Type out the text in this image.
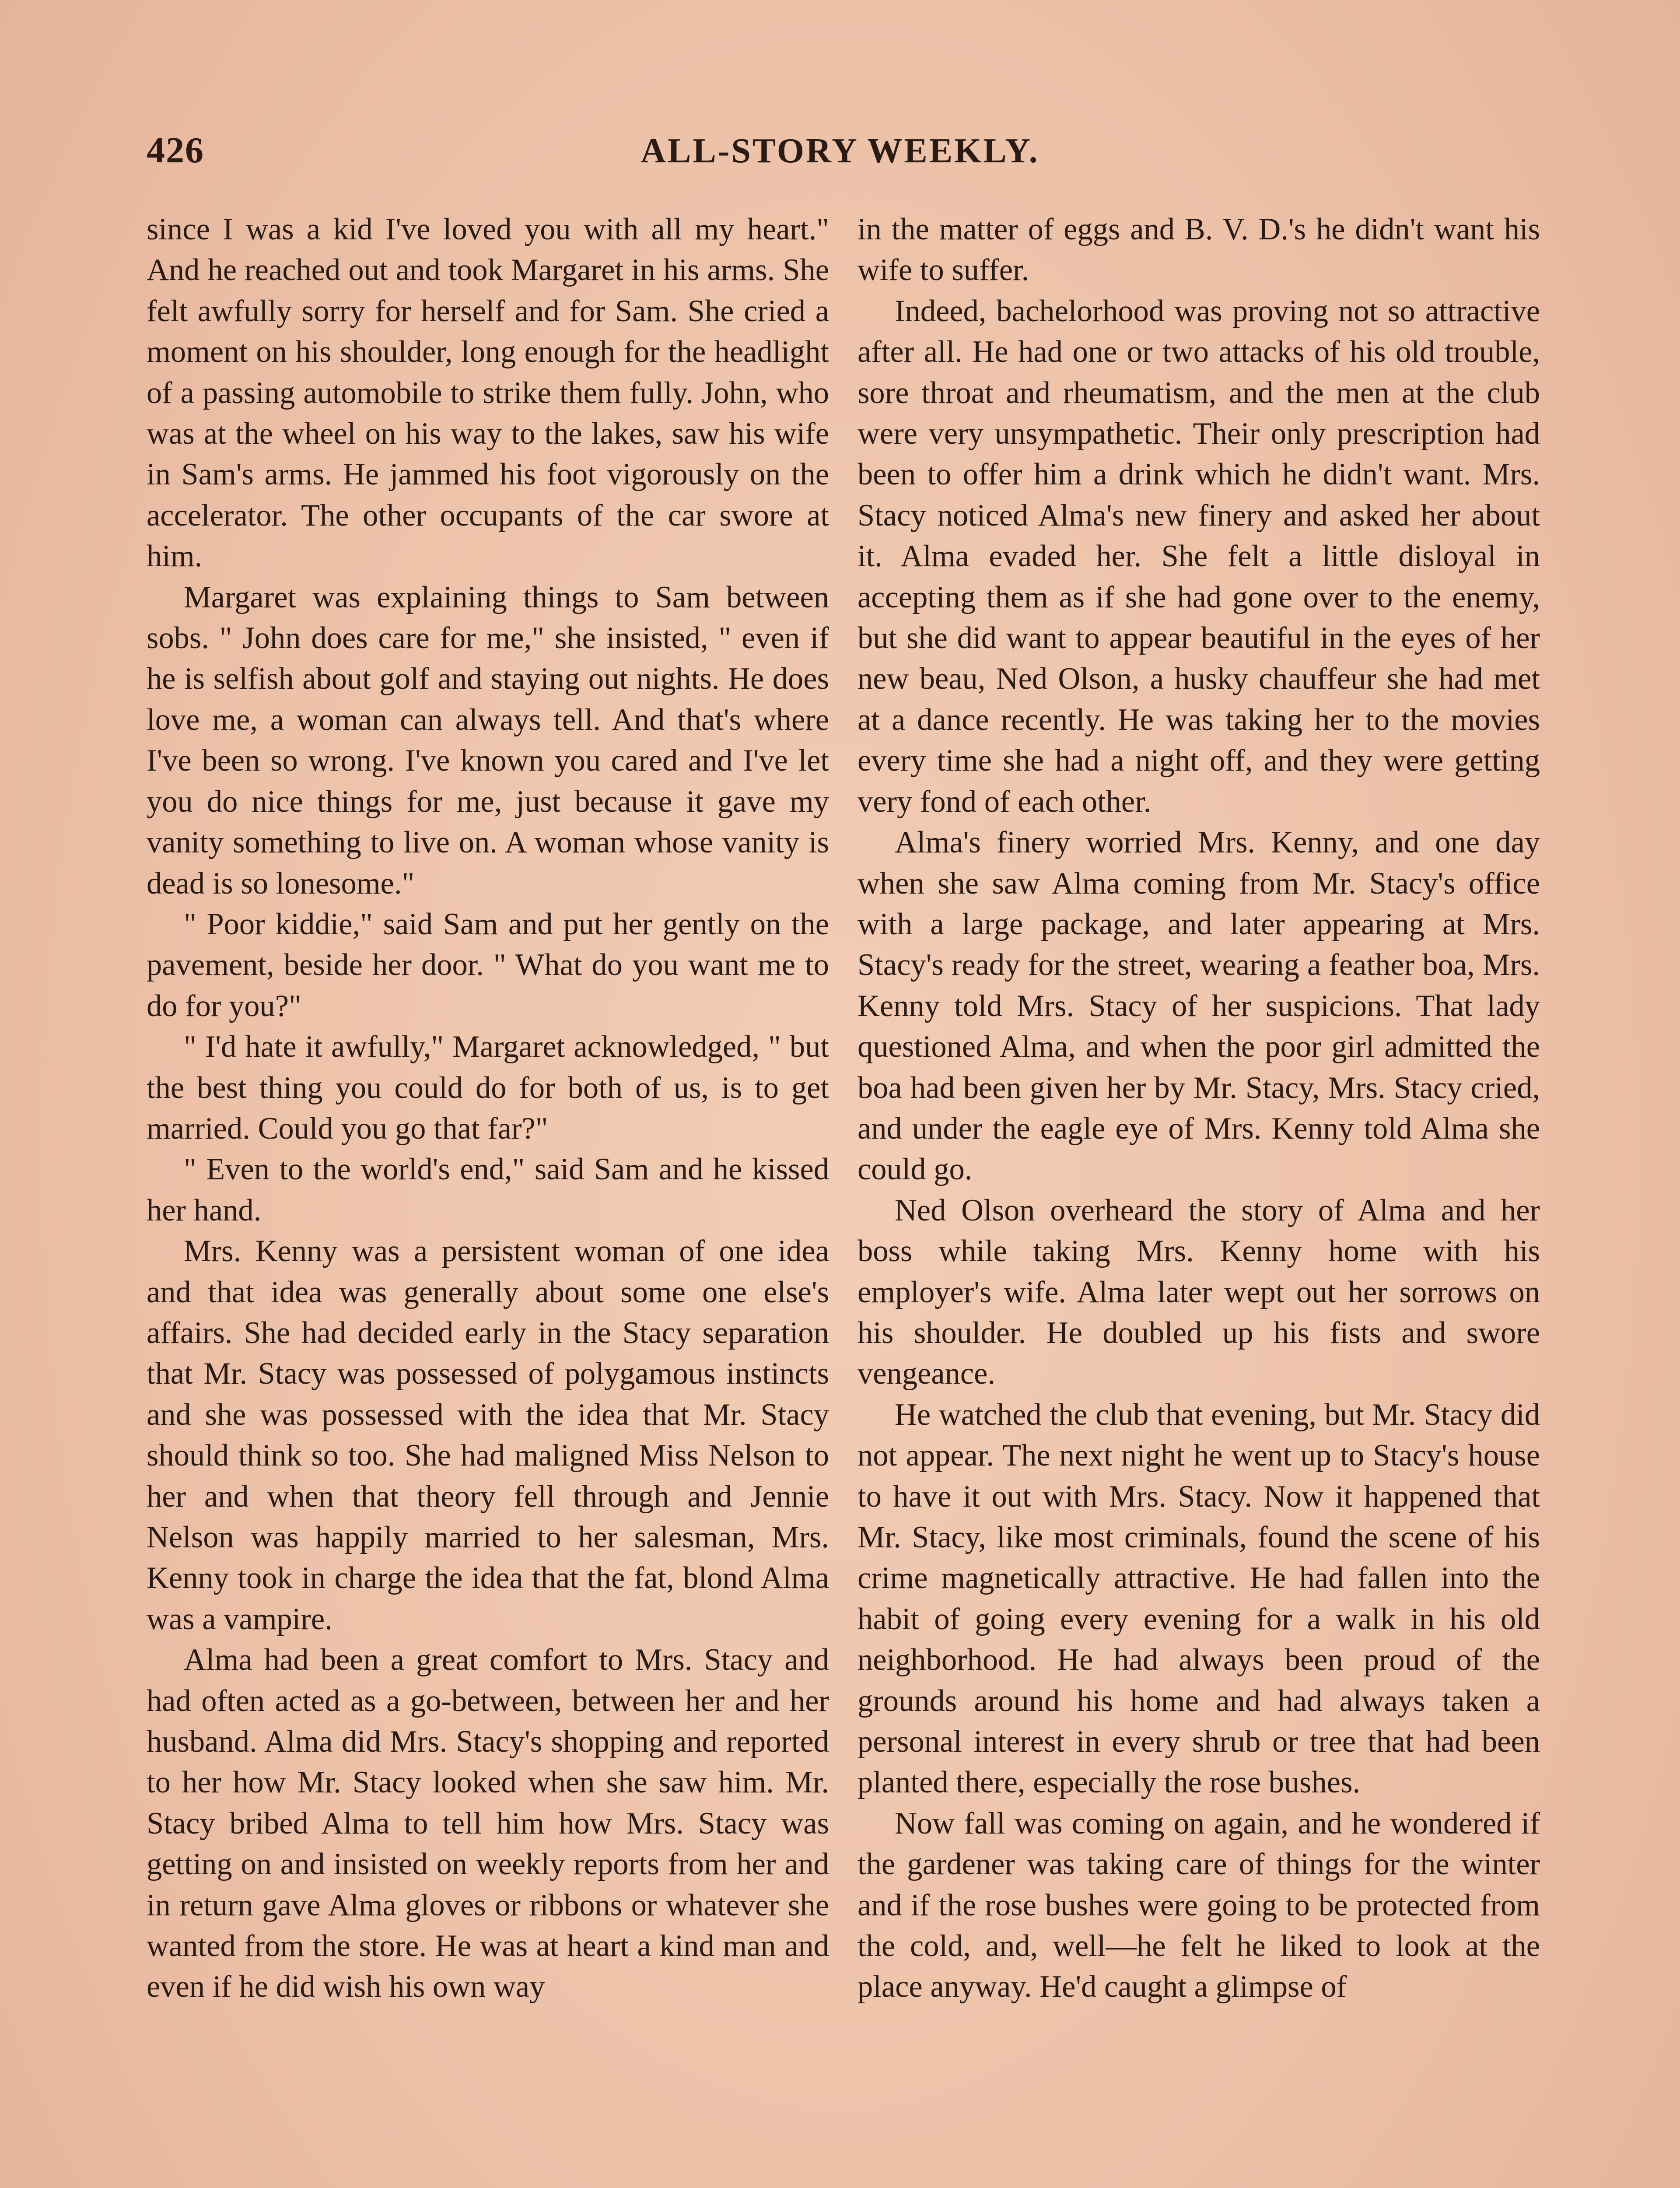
426	ALL-STORY WEEKLY.

since I was a kid I've loved you with all my heart." And he reached out and took Margaret in his arms. She felt awfully sorry for herself and for Sam. She cried a moment on his shoulder, long enough for the headlight of a passing automobile to strike them fully. John, who was at the wheel on his way to the lakes, saw his wife in Sam's arms. He jammed his foot vigorously on the accelerator. The other occupants of the car swore at him.

Margaret was explaining things to Sam between sobs. " John does care for me," she insisted, " even if he is selfish about golf and staying out nights. He does love me, a woman can always tell. And that's where I've been so wrong. I've known you cared and I've let you do nice things for me, just because it gave my vanity something to live on. A woman whose vanity is dead is so lonesome."

" Poor kiddie," said Sam and put her gently on the pavement, beside her door. " What do you want me to do for you?"

" I'd hate it awfully," Margaret acknowledged, " but the best thing you could do for both of us, is to get married. Could you go that far?"

" Even to the world's end," said Sam and he kissed her hand.

Mrs. Kenny was a persistent woman of one idea and that idea was generally about some one else's affairs. She had decided early in the Stacy separation that Mr. Stacy was possessed of polygamous instincts and she was possessed with the idea that Mr. Stacy should think so too. She had maligned Miss Nelson to her and when that theory fell through and Jennie Nelson was happily married to her salesman, Mrs. Kenny took in charge the idea that the fat, blond Alma was a vampire.

Alma had been a great comfort to Mrs. Stacy and had often acted as a go-between, between her and her husband. Alma did Mrs. Stacy's shopping and reported to her how Mr. Stacy looked when she saw him. Mr. Stacy bribed Alma to tell him how Mrs. Stacy was getting on and insisted on weekly reports from her and in return gave Alma gloves or ribbons or whatever she wanted from the store. He was at heart a kind man and even if he did wish his own way

in the matter of eggs and B. V. D.'s he didn't want his wife to suffer.

Indeed, bachelorhood was proving not so attractive after all. He had one or two attacks of his old trouble, sore throat and rheumatism, and the men at the club were very unsympathetic. Their only prescription had been to offer him a drink which he didn't want. Mrs. Stacy noticed Alma's new finery and asked her about it. Alma evaded her. She felt a little disloyal in accepting them as if she had gone over to the enemy, but she did want to appear beautiful in the eyes of her new beau, Ned Olson, a husky chauffeur she had met at a dance recently. He was taking her to the movies every time she had a night off, and they were getting very fond of each other.

Alma's finery worried Mrs. Kenny, and one day when she saw Alma coming from Mr. Stacy's office with a large package, and later appearing at Mrs. Stacy's ready for the street, wearing a feather boa, Mrs. Kenny told Mrs. Stacy of her suspicions. That lady questioned Alma, and when the poor girl admitted the boa had been given her by Mr. Stacy, Mrs. Stacy cried, and under the eagle eye of Mrs. Kenny told Alma she could go.

Ned Olson overheard the story of Alma and her boss while taking Mrs. Kenny home with his employer's wife. Alma later wept out her sorrows on his shoulder. He doubled up his fists and swore vengeance.

He watched the club that evening, but Mr. Stacy did not appear. The next night he went up to Stacy's house to have it out with Mrs. Stacy. Now it happened that Mr. Stacy, like most criminals, found the scene of his crime magnetically attractive. He had fallen into the habit of going every evening for a walk in his old neighborhood. He had always been proud of the grounds around his home and had always taken a personal interest in every shrub or tree that had been planted there, especially the rose bushes.

Now fall was coming on again, and he wondered if the gardener was taking care of things for the winter and if the rose bushes were going to be protected from the cold, and, well—he felt he liked to look at the place anyway. He'd caught a glimpse of
